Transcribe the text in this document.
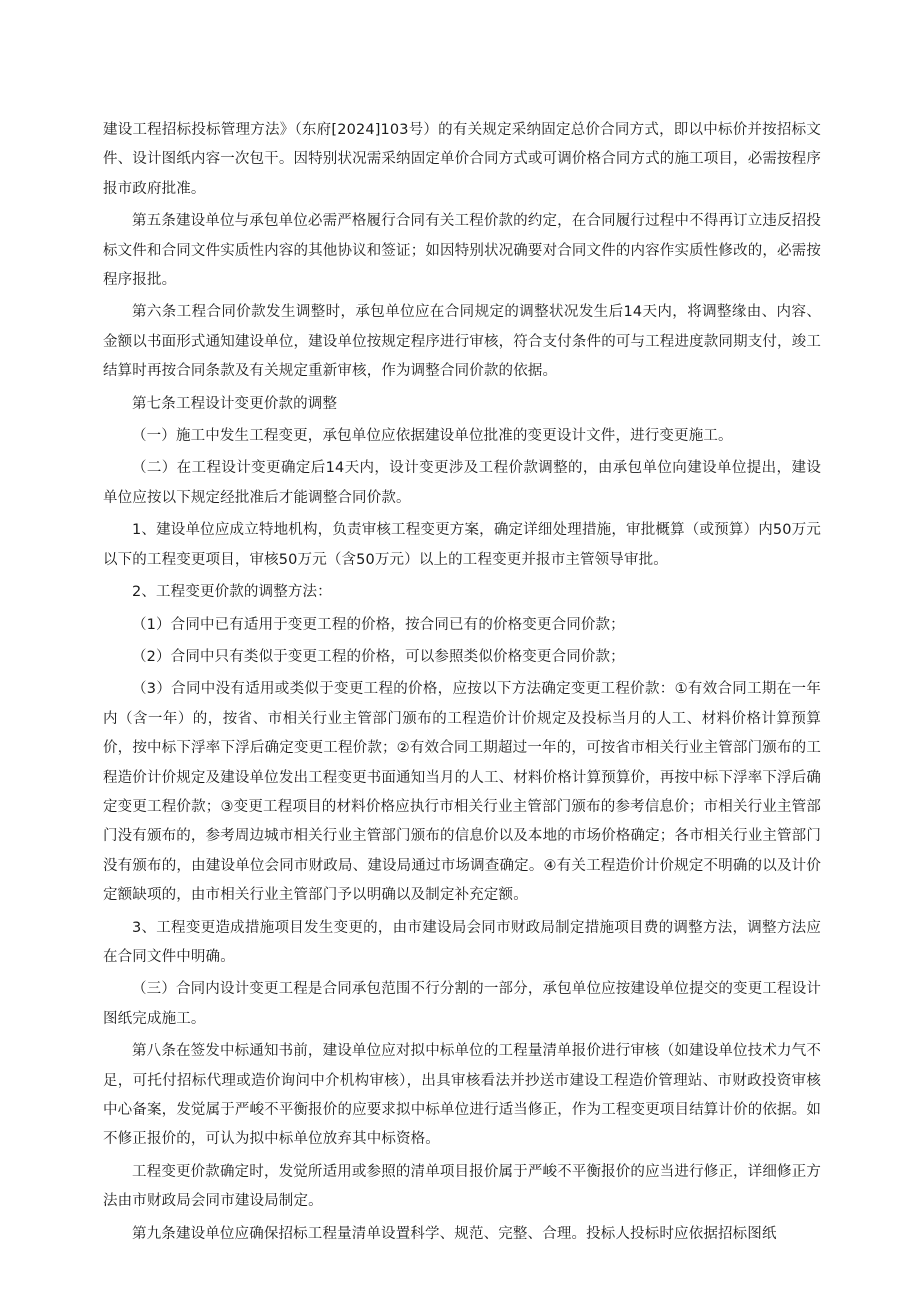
建设工程招标投标管理方法》（东府[2024]103号）的有关规定采纳固定总价合同方式，即以中标价并按招标文件、设计图纸内容一次包干。因特别状况需采纳固定单价合同方式或可调价格合同方式的施工项目，必需按程序报市政府批准。

第五条建设单位与承包单位必需严格履行合同有关工程价款的约定，在合同履行过程中不得再订立违反招投标文件和合同文件实质性内容的其他协议和签证；如因特别状况确要对合同文件的内容作实质性修改的，必需按程序报批。

第六条工程合同价款发生调整时，承包单位应在合同规定的调整状况发生后14天内，将调整缘由、内容、金额以书面形式通知建设单位，建设单位按规定程序进行审核，符合支付条件的可与工程进度款同期支付，竣工结算时再按合同条款及有关规定重新审核，作为调整合同价款的依据。

第七条工程设计变更价款的调整

（一）施工中发生工程变更，承包单位应依据建设单位批准的变更设计文件，进行变更施工。

（二）在工程设计变更确定后14天内，设计变更涉及工程价款调整的，由承包单位向建设单位提出，建设单位应按以下规定经批准后才能调整合同价款。

1、建设单位应成立特地机构，负责审核工程变更方案，确定详细处理措施，审批概算（或预算）内50万元以下的工程变更项目，审核50万元（含50万元）以上的工程变更并报市主管领导审批。

2、工程变更价款的调整方法：

（1）合同中已有适用于变更工程的价格，按合同已有的价格变更合同价款；

（2）合同中只有类似于变更工程的价格，可以参照类似价格变更合同价款；

（3）合同中没有适用或类似于变更工程的价格，应按以下方法确定变更工程价款：①有效合同工期在一年内（含一年）的，按省、市相关行业主管部门颁布的工程造价计价规定及投标当月的人工、材料价格计算预算价，按中标下浮率下浮后确定变更工程价款；②有效合同工期超过一年的，可按省市相关行业主管部门颁布的工程造价计价规定及建设单位发出工程变更书面通知当月的人工、材料价格计算预算价，再按中标下浮率下浮后确定变更工程价款；③变更工程项目的材料价格应执行市相关行业主管部门颁布的参考信息价；市相关行业主管部门没有颁布的，参考周边城市相关行业主管部门颁布的信息价以及本地的市场价格确定；各市相关行业主管部门没有颁布的，由建设单位会同市财政局、建设局通过市场调查确定。④有关工程造价计价规定不明确的以及计价定额缺项的，由市相关行业主管部门予以明确以及制定补充定额。

3、工程变更造成措施项目发生变更的，由市建设局会同市财政局制定措施项目费的调整方法，调整方法应在合同文件中明确。

（三）合同内设计变更工程是合同承包范围不行分割的一部分，承包单位应按建设单位提交的变更工程设计图纸完成施工。

第八条在签发中标通知书前，建设单位应对拟中标单位的工程量清单报价进行审核（如建设单位技术力气不足，可托付招标代理或造价询问中介机构审核），出具审核看法并抄送市建设工程造价管理站、市财政投资审核中心备案，发觉属于严峻不平衡报价的应要求拟中标单位进行适当修正，作为工程变更项目结算计价的依据。如不修正报价的，可认为拟中标单位放弃其中标资格。

工程变更价款确定时，发觉所适用或参照的清单项目报价属于严峻不平衡报价的应当进行修正，详细修正方法由市财政局会同市建设局制定。

第九条建设单位应确保招标工程量清单设置科学、规范、完整、合理。投标人投标时应依据招标图纸
